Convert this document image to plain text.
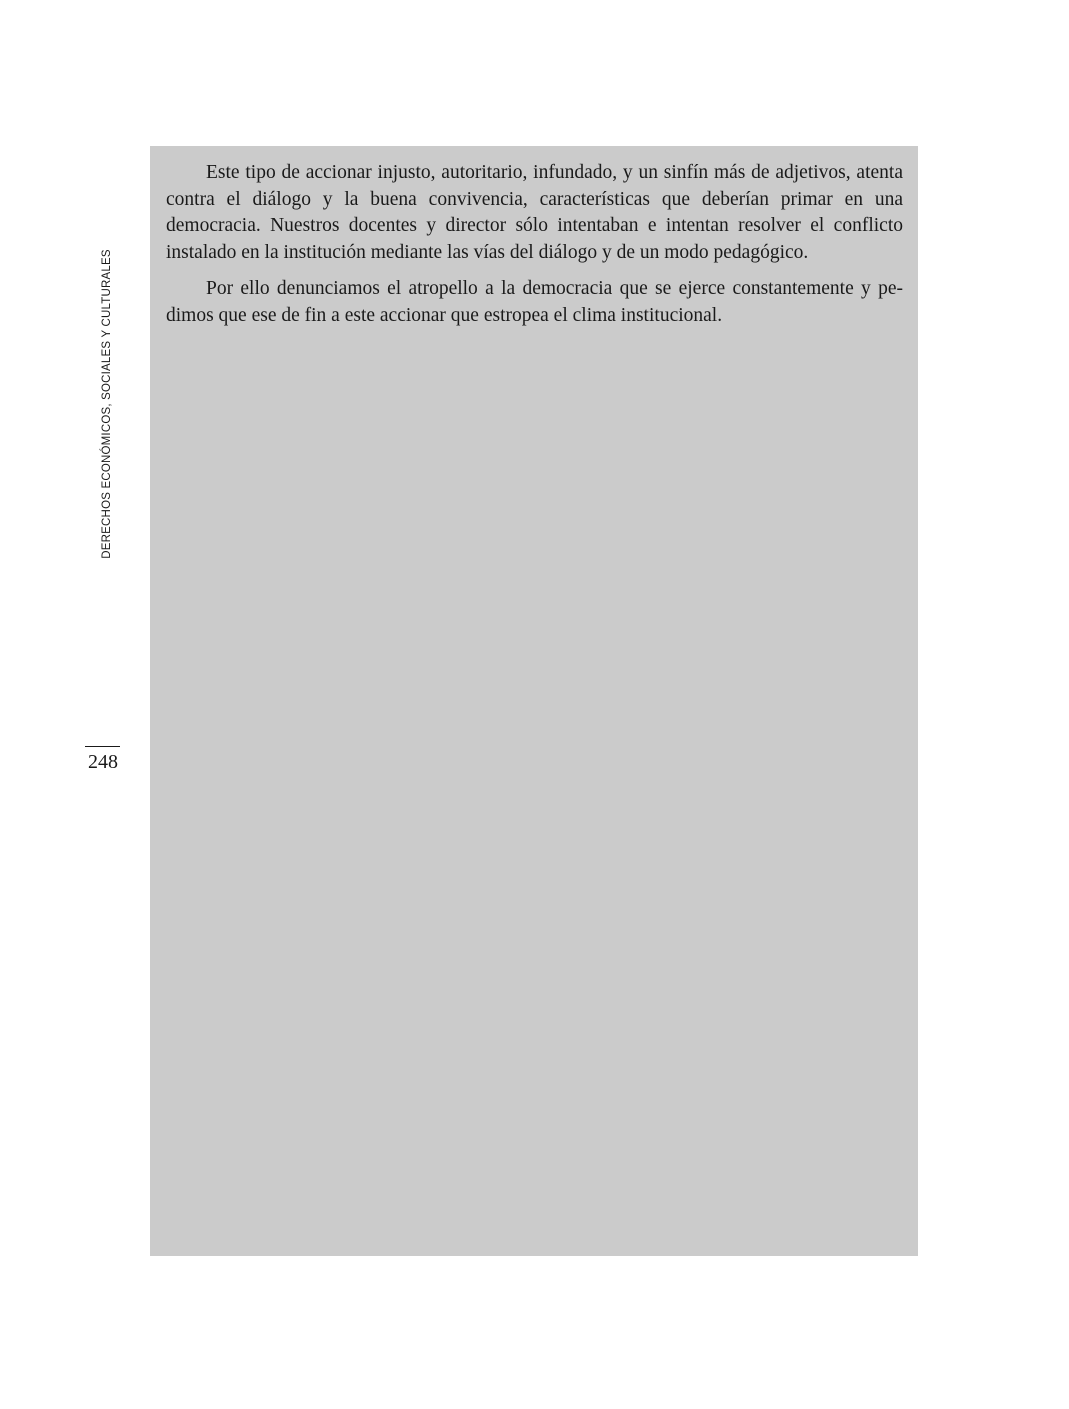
DERECHOS ECONÓMICOS, SOCIALES Y CULTURALES
248

Este tipo de accionar injusto, autoritario, infundado, y un sinfín más de adjetivos, atenta contra el diálogo y la buena convivencia, características que deberían primar en una democracia. Nuestros docentes y director sólo intentaban e intentan resolver el conflicto instalado en la institución mediante las vías del diálogo y de un modo pedagógico.

Por ello denunciamos el atropello a la democracia que se ejerce constantemente y pedimos que ese de fin a este accionar que estropea el clima institucional.
